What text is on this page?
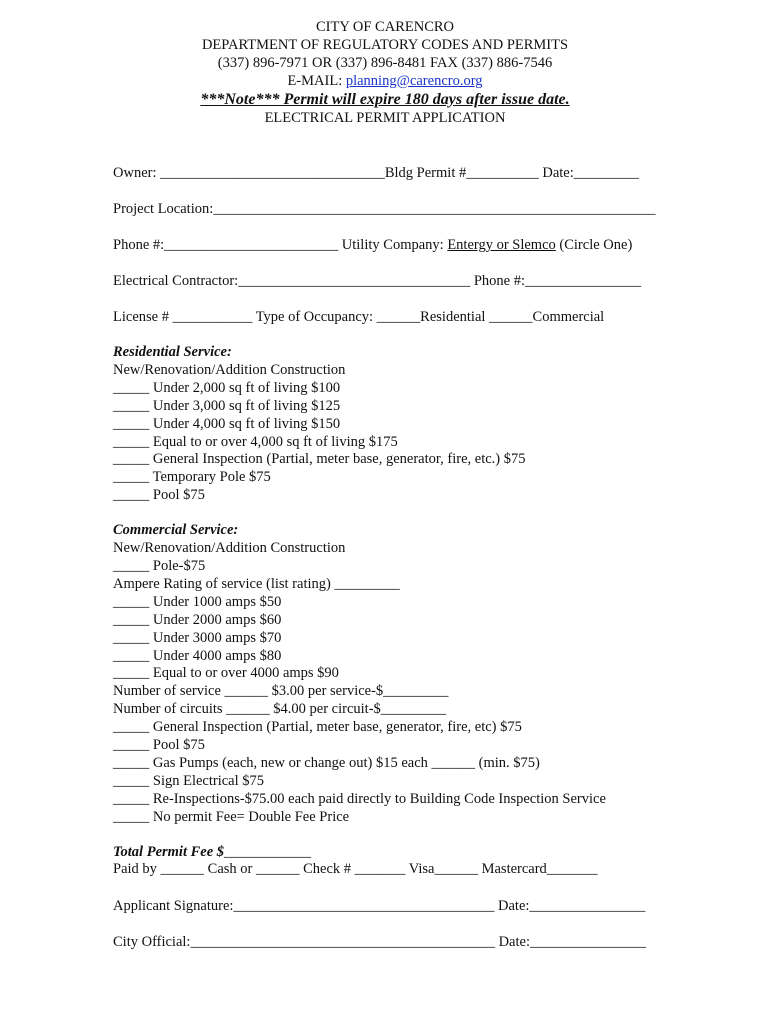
CITY OF CARENCRO
DEPARTMENT OF REGULATORY CODES AND PERMITS
(337) 896-7971 OR (337) 896-8481 FAX (337) 886-7546
E-MAIL: planning@carencro.org
***Note*** Permit will expire 180 days after issue date.
ELECTRICAL PERMIT APPLICATION
Owner: _______________________________Bldg Permit #__________ Date:_________
Project Location:_____________________________________________________________
Phone #:________________________ Utility Company: Entergy or Slemco (Circle One)
Electrical Contractor:________________________________ Phone #:________________
License # ___________ Type of Occupancy: ______Residential ______Commercial
Residential Service:
New/Renovation/Addition Construction
_____ Under 2,000 sq ft of living $100
_____ Under 3,000 sq ft of living $125
_____ Under 4,000 sq ft of living $150
_____ Equal to or over 4,000 sq ft of living $175
_____ General Inspection (Partial, meter base, generator, fire, etc.) $75
_____ Temporary Pole $75
_____ Pool $75
Commercial Service:
New/Renovation/Addition Construction
_____ Pole-$75
Ampere Rating of service (list rating) _________
_____ Under 1000 amps $50
_____ Under 2000 amps $60
_____ Under 3000 amps $70
_____ Under 4000 amps $80
_____ Equal to or over 4000 amps $90
Number of service ______ $3.00 per service-$_________
Number of circuits ______ $4.00 per circuit-$_________
_____ General Inspection (Partial, meter base, generator, fire, etc) $75
_____ Pool $75
_____ Gas Pumps (each, new or change out) $15 each ______ (min. $75)
_____ Sign Electrical $75
_____ Re-Inspections-$75.00 each paid directly to Building Code Inspection Service
_____ No permit Fee= Double Fee Price
Total Permit Fee $____________
Paid by ______ Cash or ______ Check # _______ Visa______ Mastercard_______
Applicant Signature:____________________________________ Date:________________
City Official:__________________________________________ Date:________________
